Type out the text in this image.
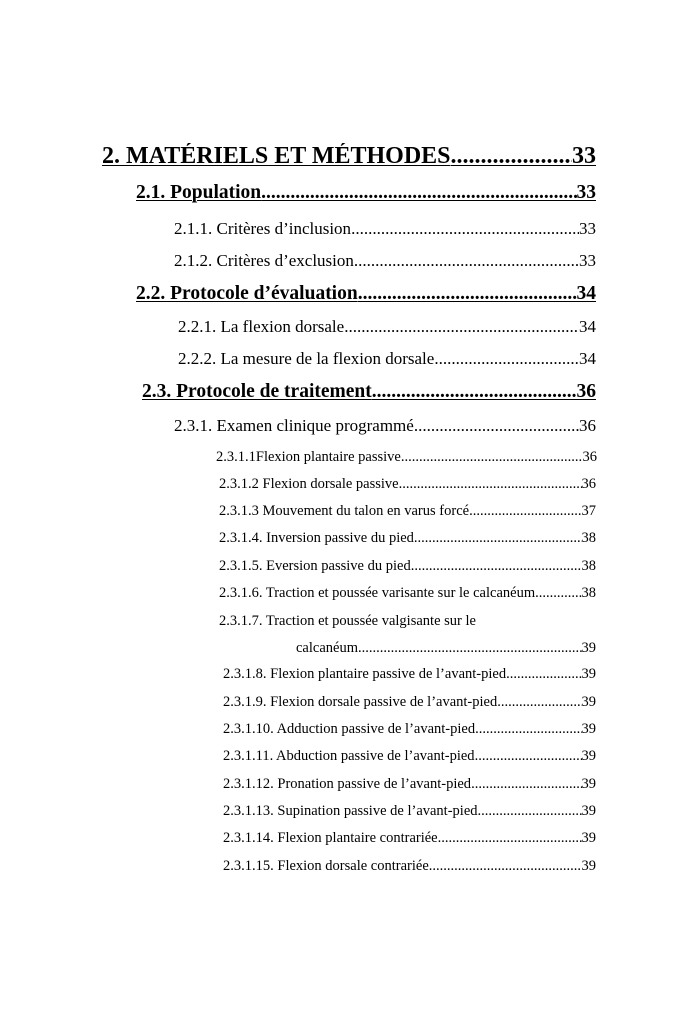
2. MATÉRIELS ET MÉTHODES .....	33
2.1. Population .....	33
2.1.1. Critères d’inclusion .....	33
2.1.2. Critères d’exclusion .....	33
2.2. Protocole d’évaluation .....	34
2.2.1. La flexion dorsale .....	34
2.2.2. La mesure de la flexion dorsale .....	34
2.3. Protocole de traitement .....	36
2.3.1. Examen clinique programmé .....	36
2.3.1.1Flexion plantaire passive .....	36
2.3.1.2 Flexion dorsale passive .....	36
2.3.1.3 Mouvement du talon en varus forcé .....	37
2.3.1.4. Inversion passive du pied .....	38
2.3.1.5. Eversion passive du pied .....	38
2.3.1.6. Traction et poussée varisante sur le calcanéum .....	38
2.3.1.7. Traction et poussée valgisante sur le
calcanéum .....	39
2.3.1.8. Flexion plantaire passive de l’avant-pied .....	39
2.3.1.9. Flexion dorsale passive de l’avant-pied .....	39
2.3.1.10. Adduction passive de l’avant-pied .....	39
2.3.1.11. Abduction passive de l’avant-pied .....	39
2.3.1.12. Pronation passive de l’avant-pied .....	39
2.3.1.13. Supination passive de l’avant-pied .....	39
2.3.1.14. Flexion plantaire contrariée .....	39
2.3.1.15. Flexion dorsale contrariée .....	39
